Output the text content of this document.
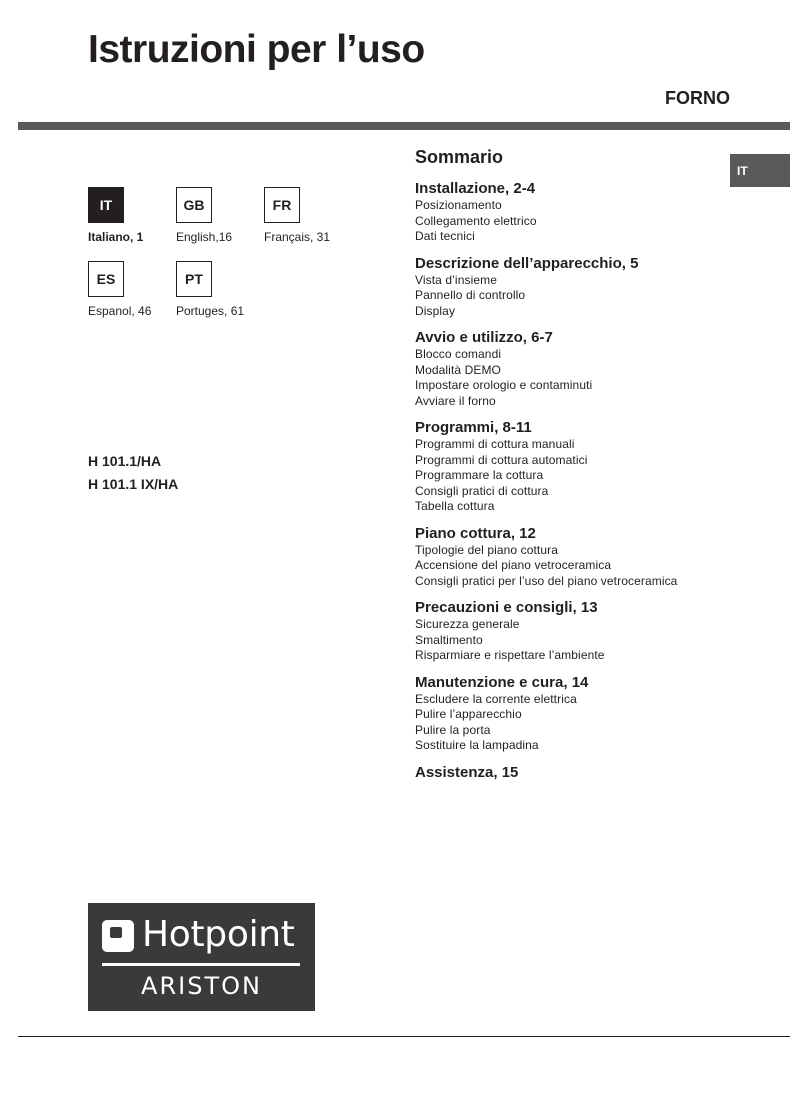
Istruzioni per l’uso
FORNO
IT
IT
Italiano, 1
GB
English,16
FR
Français, 31
ES
Espanol, 46
PT
Portuges, 61
H 101.1/HA
H 101.1 IX/HA
Sommario

Installazione, 2-4

Posizionamento

Collegamento elettrico

Dati tecnici

Descrizione dell’apparecchio, 5

Vista d’insieme

Pannello di controllo

Display

Avvio e utilizzo, 6-7

Blocco comandi

Modalità DEMO

Impostare orologio e contaminuti

Avviare il forno

Programmi, 8-11

Programmi di cottura manuali

Programmi di cottura automatici

Programmare la cottura

Consigli pratici di cottura

Tabella cottura

Piano cottura, 12

Tipologie del piano cottura

Accensione del piano vetroceramica

Consigli pratici per l’uso del piano vetroceramica

Precauzioni e consigli, 13

Sicurezza generale

Smaltimento

Risparmiare e rispettare l’ambiente

Manutenzione e cura, 14

Escludere la corrente elettrica

Pulire l’apparecchio

Pulire la porta

Sostituire la lampadina

Assistenza, 15

Hotpoint
ARISTON
